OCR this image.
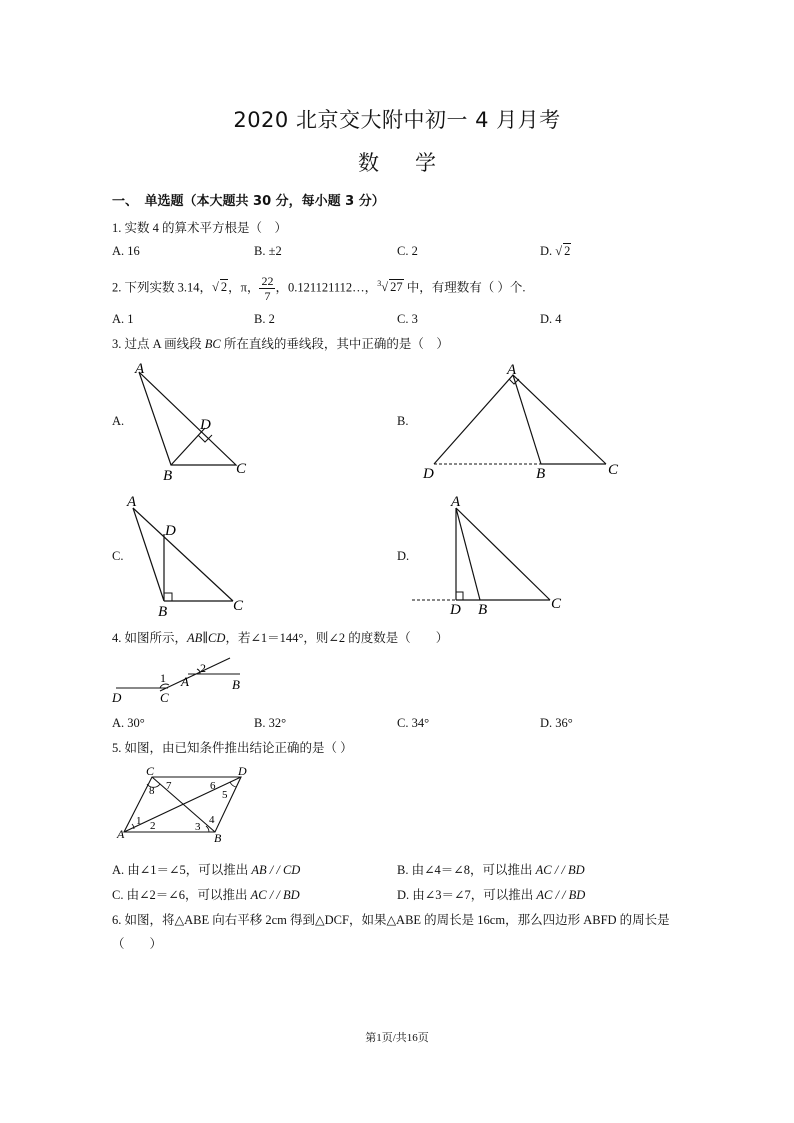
2020 北京交大附中初一 4 月月考
数 学
一、　单选题（本大题共 30 分，每小题 3 分）
1. 实数 4 的算术平方根是（　）
A. 16	B. ±2	C. 2	D. √ 2
2. 下列实数 3.14，√ 2，π， $\frac{22}{7}$ ，0.121121112…，$^3$√ 27 中，有理数有（ ）个.
A. 1	B. 2	C. 3	D. 4
3. 过点 A 画线段 BC 所在直线的垂线段，其中正确的是（　）
A.	B.
C.	D.
A
D
B	C
A
D	B	C
A
D
B	C
A
D B	C
4. 如图所示，AB∥CD，若∠1＝144°，则∠2 的度数是（　　）
1
2
D	C
A	B
A. 30°	B. 32°	C. 34°	D. 36°
5. 如图，由已知条件推出结论正确的是（ ）
C	D
A	B
1 2	3
4
5
6
7
8
A. 由∠1＝∠5，可以推出 AB / / CD	B. 由∠4＝∠8，可以推出 AC / / BD
C. 由∠2＝∠6，可以推出 AC / / BD	D. 由∠3＝∠7，可以推出 AC / / BD
6. 如图，将△ABE 向右平移 2cm 得到△DCF，如果△ABE 的周长是 16cm，那么四边形 ABFD 的周长是
（　　）
第1页/共16页
